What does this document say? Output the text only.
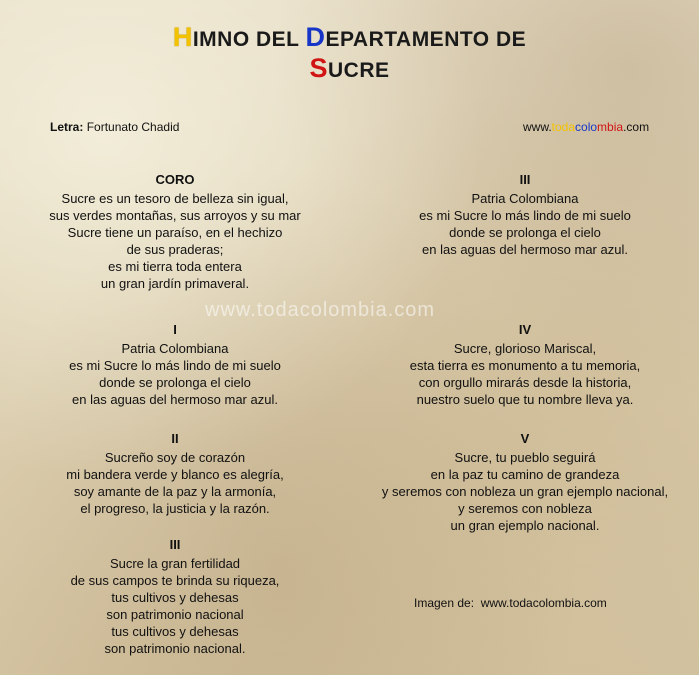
HIMNO DEL DEPARTAMENTO DE
SUCRE
Letra: Fortunato Chadid	www.todacolombia.com
www.todacolombia.com
CORO
Sucre es un tesoro de belleza sin igual,
sus verdes montañas, sus arroyos y su mar
Sucre tiene un paraíso, en el hechizo
de sus praderas;
es mi tierra toda entera
un gran jardín primaveral.
I
Patria Colombiana
es mi Sucre lo más lindo de mi suelo
donde se prolonga el cielo
en las aguas del hermoso mar azul.
II
Sucreño soy de corazón
mi bandera verde y blanco es alegría,
soy amante de la paz y la armonía,
el progreso, la justicia y la razón.
III
Sucre la gran fertilidad
de sus campos te brinda su riqueza,
tus cultivos y dehesas
son patrimonio nacional
tus cultivos y dehesas
son patrimonio nacional.
III
Patria Colombiana
es mi Sucre lo más lindo de mi suelo
donde se prolonga el cielo
en las aguas del hermoso mar azul.
IV
Sucre, glorioso Mariscal,
esta tierra es monumento a tu memoria,
con orgullo mirarás desde la historia,
nuestro suelo que tu nombre lleva ya.
V
Sucre, tu pueblo seguirá
en la paz tu camino de grandeza
y seremos con nobleza un gran ejemplo nacional,
y seremos con nobleza
un gran ejemplo nacional.
Imagen de:  www.todacolombia.com
